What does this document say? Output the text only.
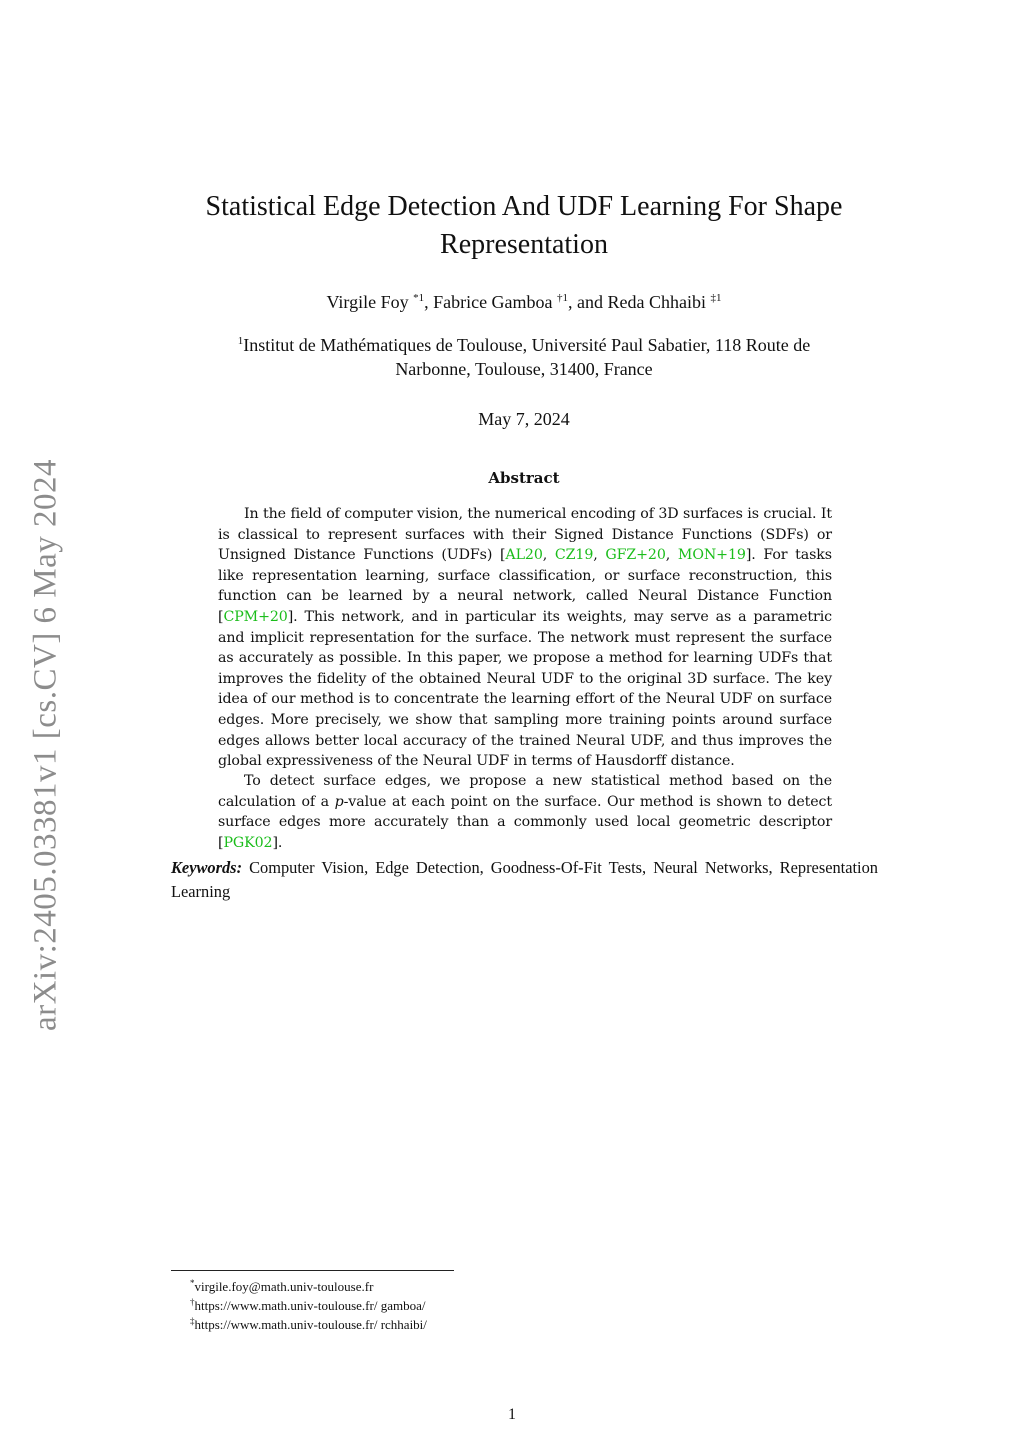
arXiv:2405.03381v1 [cs.CV] 6 May 2024
Statistical Edge Detection And UDF Learning For Shape
Representation
Virgile Foy $^{*1}$, Fabrice Gamboa $^{\dagger 1}$, and Reda Chhaibi $^{\ddagger 1}$
$^1$Institut de Mathématiques de Toulouse, Université Paul Sabatier, 118 Route de
Narbonne, Toulouse, 31400, France
May 7, 2024
Abstract
In the field of computer vision, the numerical encoding of 3D surfaces is crucial. It is classical to represent surfaces with their Signed Distance Functions (SDFs) or Unsigned Distance Functions (UDFs) [AL20, CZ19, GFZ+20, MON+19]. For tasks like representation learning, surface classification, or surface reconstruction, this function can be learned by a neural network, called Neural Distance Function [CPM+20]. This network, and in particular its weights, may serve as a parametric and implicit representation for the surface. The network must represent the surface as accurately as possible. In this paper, we propose a method for learning UDFs that improves the fidelity of the obtained Neural UDF to the original 3D surface. The key idea of our method is to concentrate the learning effort of the Neural UDF on surface edges. More precisely, we show that sampling more training points around surface edges allows better local accuracy of the trained Neural UDF, and thus improves the global expressiveness of the Neural UDF in terms of Hausdorff distance.
To detect surface edges, we propose a new statistical method based on the calculation of a p-value at each point on the surface. Our method is shown to detect surface edges more accurately than a commonly used local geometric descriptor [PGK02].
Keywords: Computer Vision, Edge Detection, Goodness-Of-Fit Tests, Neural Networks, Representation Learning
*virgile.foy@math.univ-toulouse.fr
†https://www.math.univ-toulouse.fr/ gamboa/
‡https://www.math.univ-toulouse.fr/ rchhaibi/
1
